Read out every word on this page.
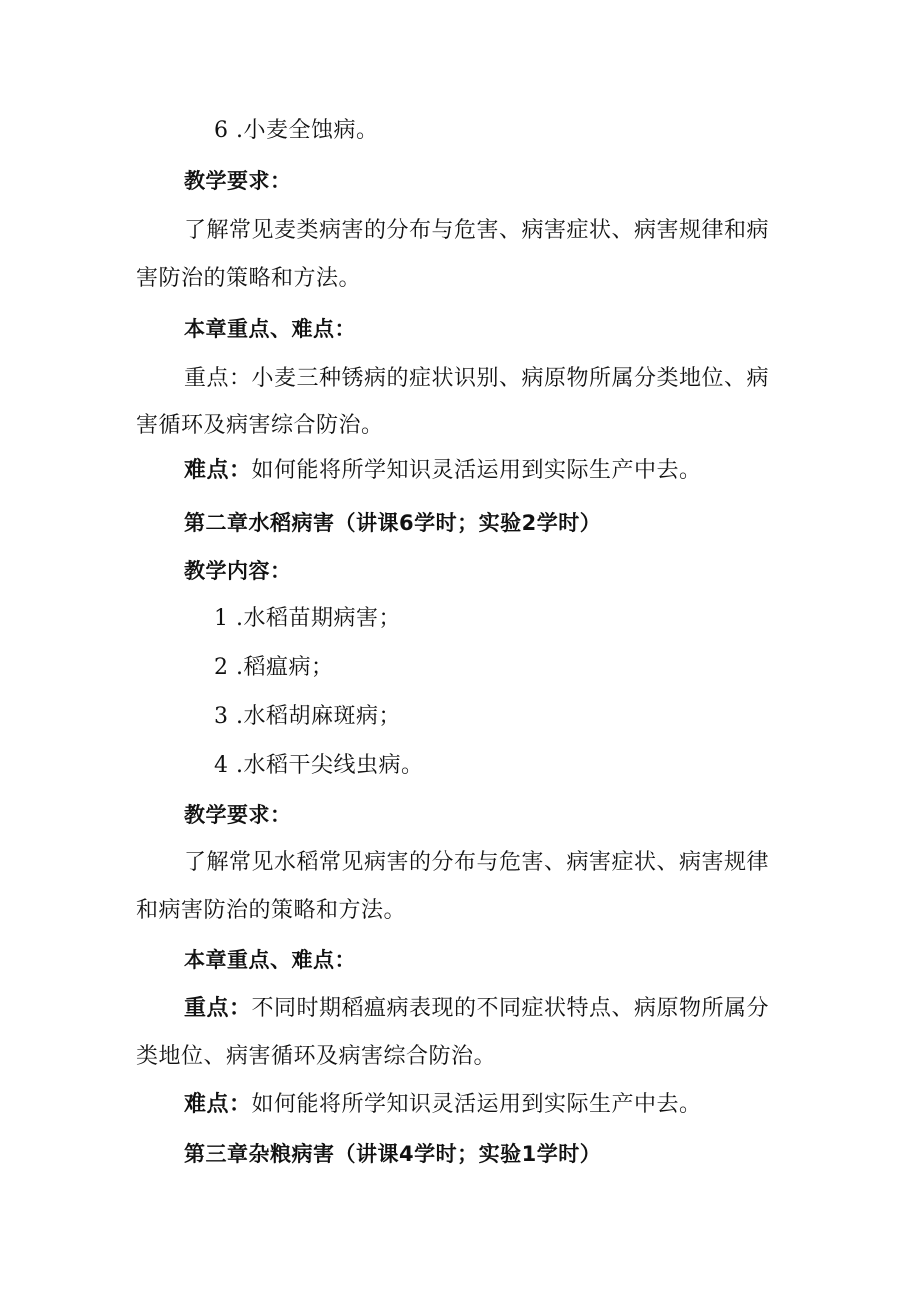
6 .小麦全蚀病。
教学要求：
了解常见麦类病害的分布与危害、病害症状、病害规律和病
害防治的策略和方法。
本章重点、难点：
重点：小麦三种锈病的症状识别、病原物所属分类地位、病
害循环及病害综合防治。
难点：如何能将所学知识灵活运用到实际生产中去。
第二章水稻病害（讲课6学时；实验2学时）
教学内容：
1 .水稻苗期病害；
2 .稻瘟病；
3 .水稻胡麻斑病；
4 .水稻干尖线虫病。
教学要求：
了解常见水稻常见病害的分布与危害、病害症状、病害规律
和病害防治的策略和方法。
本章重点、难点：
重点：不同时期稻瘟病表现的不同症状特点、病原物所属分
类地位、病害循环及病害综合防治。
难点：如何能将所学知识灵活运用到实际生产中去。
第三章杂粮病害（讲课4学时；实验1学时）
